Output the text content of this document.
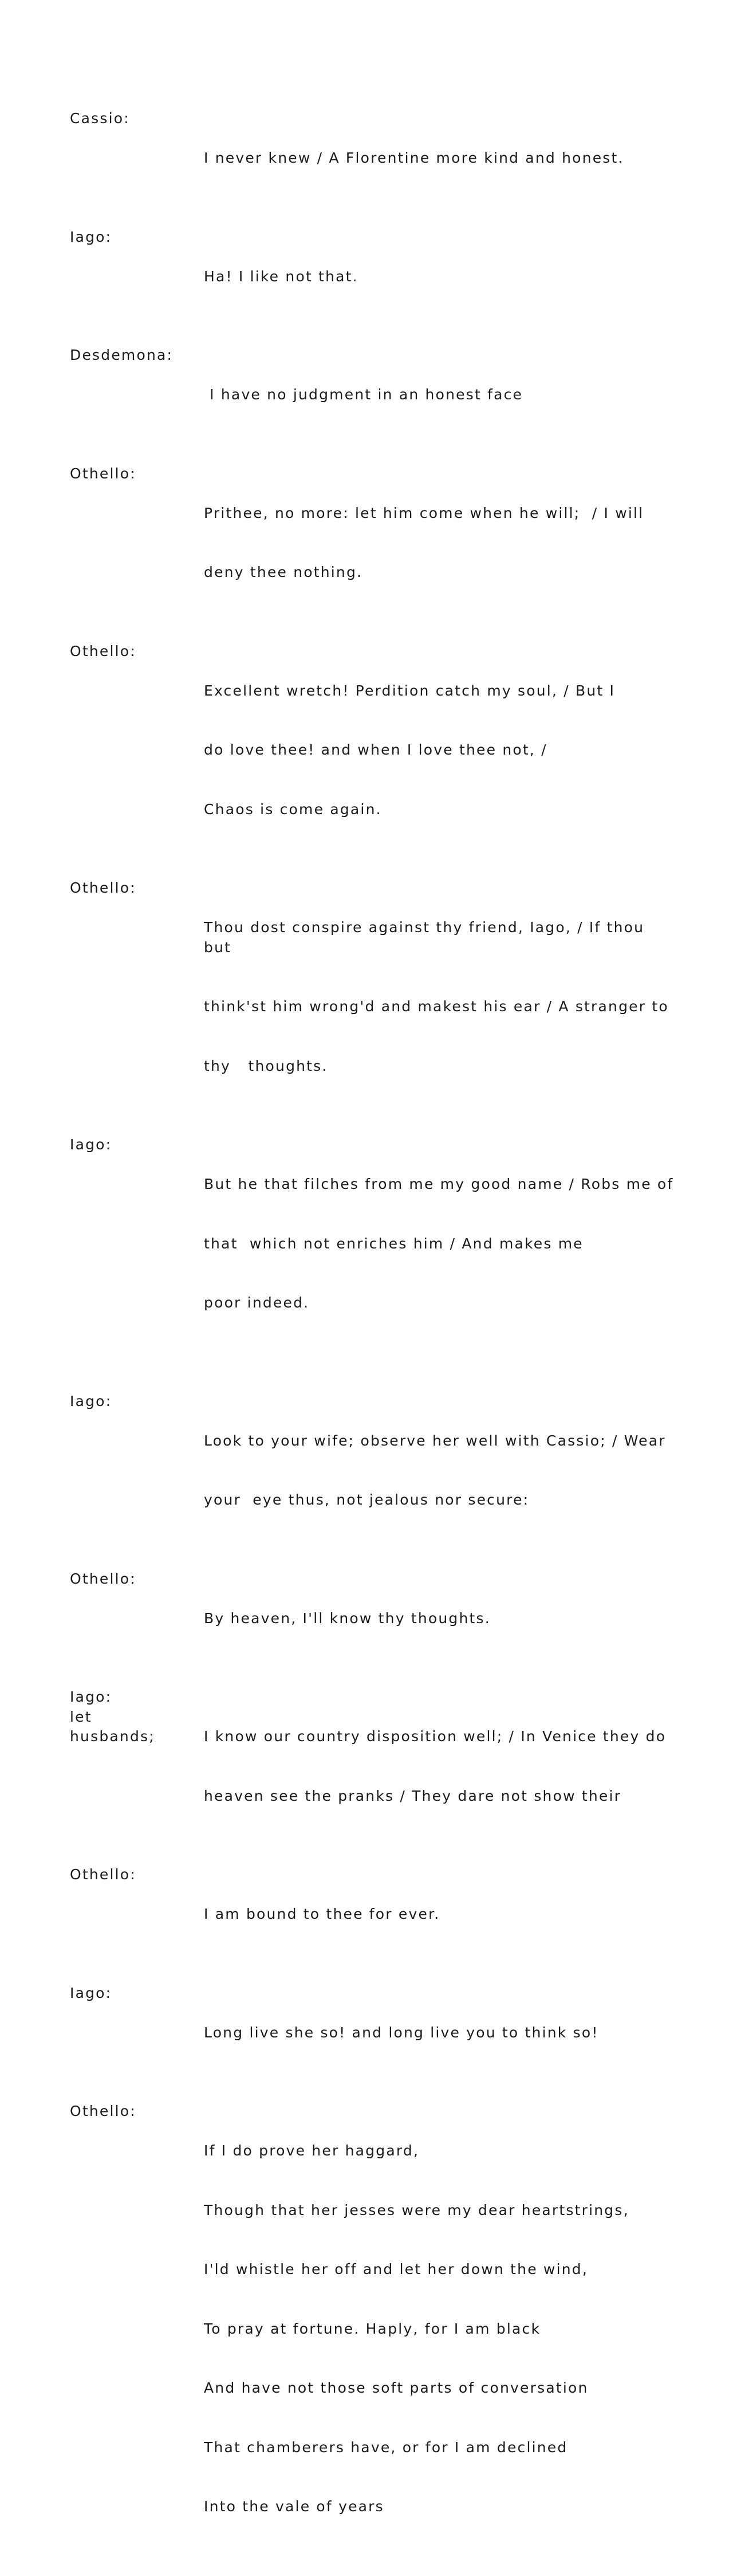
Cassio:

I never knew / A Florentine more kind and honest.

Iago:

Ha! I like not that.

Desdemona:

I have no judgment in an honest face

Othello:

Prithee, no more: let him come when he will;  / I will

deny thee nothing.

Othello:

Excellent wretch! Perdition catch my soul, / But I

do love thee! and when I love thee not, /

Chaos is come again.

Othello:

Thou dost conspire against thy friend, Iago, / If thou but

think'st him wrong'd and makest his ear / A stranger to

thy   thoughts.

Iago:

But he that filches from me my good name / Robs me of

that  which not enriches him / And makes me

poor indeed.

Iago:

Look to your wife; observe her well with Cassio; / Wear

your  eye thus, not jealous nor secure:

Othello:

By heaven, I'll know thy thoughts.

Iago:
let
husbands;

	I know our country disposition well; / In Venice they do

heaven see the pranks / They dare not show their

Othello:

I am bound to thee for ever.

Iago:

Long live she so! and long live you to think so!

Othello:

If I do prove her haggard,

Though that her jesses were my dear heartstrings,

I'ld whistle her off and let her down the wind,

To pray at fortune. Haply, for I am black

And have not those soft parts of conversation

That chamberers have, or for I am declined

Into the vale of years
